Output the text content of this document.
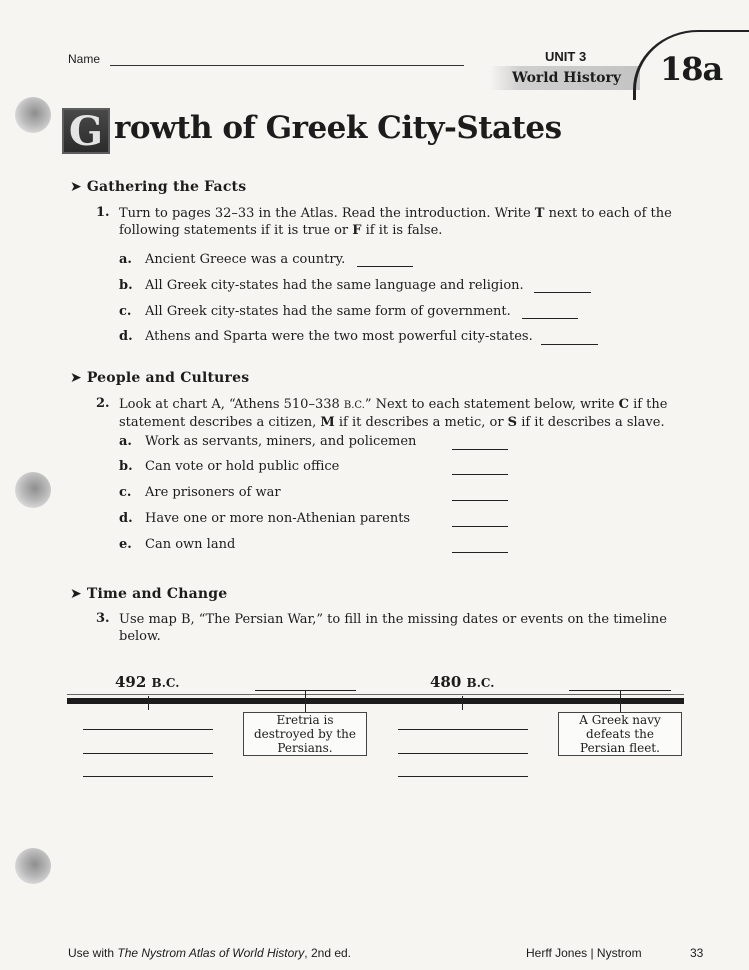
Name	UNIT 3
World History 18a
G rowth of Greek City-States
➤ Gathering the Facts
1. Turn to pages 32–33 in the Atlas. Read the introduction. Write T next to each of the
following statements if it is true or F if it is false.
a. Ancient Greece was a country.
b. All Greek city-states had the same language and religion.
c. All Greek city-states had the same form of government.
d. Athens and Sparta were the two most powerful city-states.
➤ People and Cultures
2. Look at chart A, “Athens 510–338 B.C.” Next to each statement below, write C if the
statement describes a citizen, M if it describes a metic, or S if it describes a slave.
a. Work as servants, miners, and policemen
b. Can vote or hold public office
c. Are prisoners of war
d. Have one or more non-Athenian parents
e. Can own land
➤ Time and Change
3. Use map B, “The Persian War,” to fill in the missing dates or events on the timeline
below.
492 B.C.	480 B.C.
Eretria is destroyed by the Persians.
A Greek navy defeats the Persian fleet.
Use with The Nystrom Atlas of World History, 2nd ed.	Herff Jones | Nystrom	33
